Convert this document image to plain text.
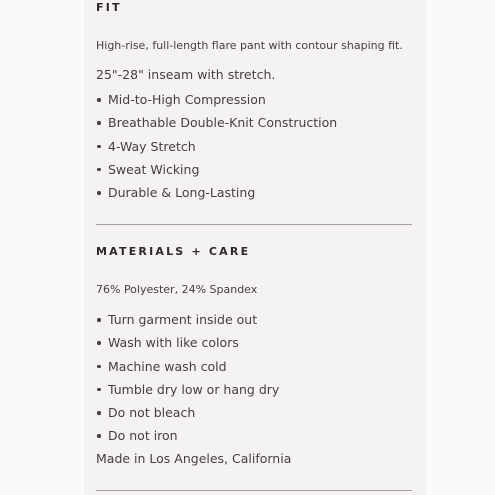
FIT
High-rise, full-length flare pant with contour shaping fit.
25"-28" inseam with stretch.
Mid-to-High Compression
Breathable Double-Knit Construction
4-Way Stretch
Sweat Wicking
Durable & Long-Lasting
MATERIALS + CARE
76% Polyester, 24% Spandex
Turn garment inside out
Wash with like colors
Machine wash cold
Tumble dry low or hang dry
Do not bleach
Do not iron
Made in Los Angeles, California
